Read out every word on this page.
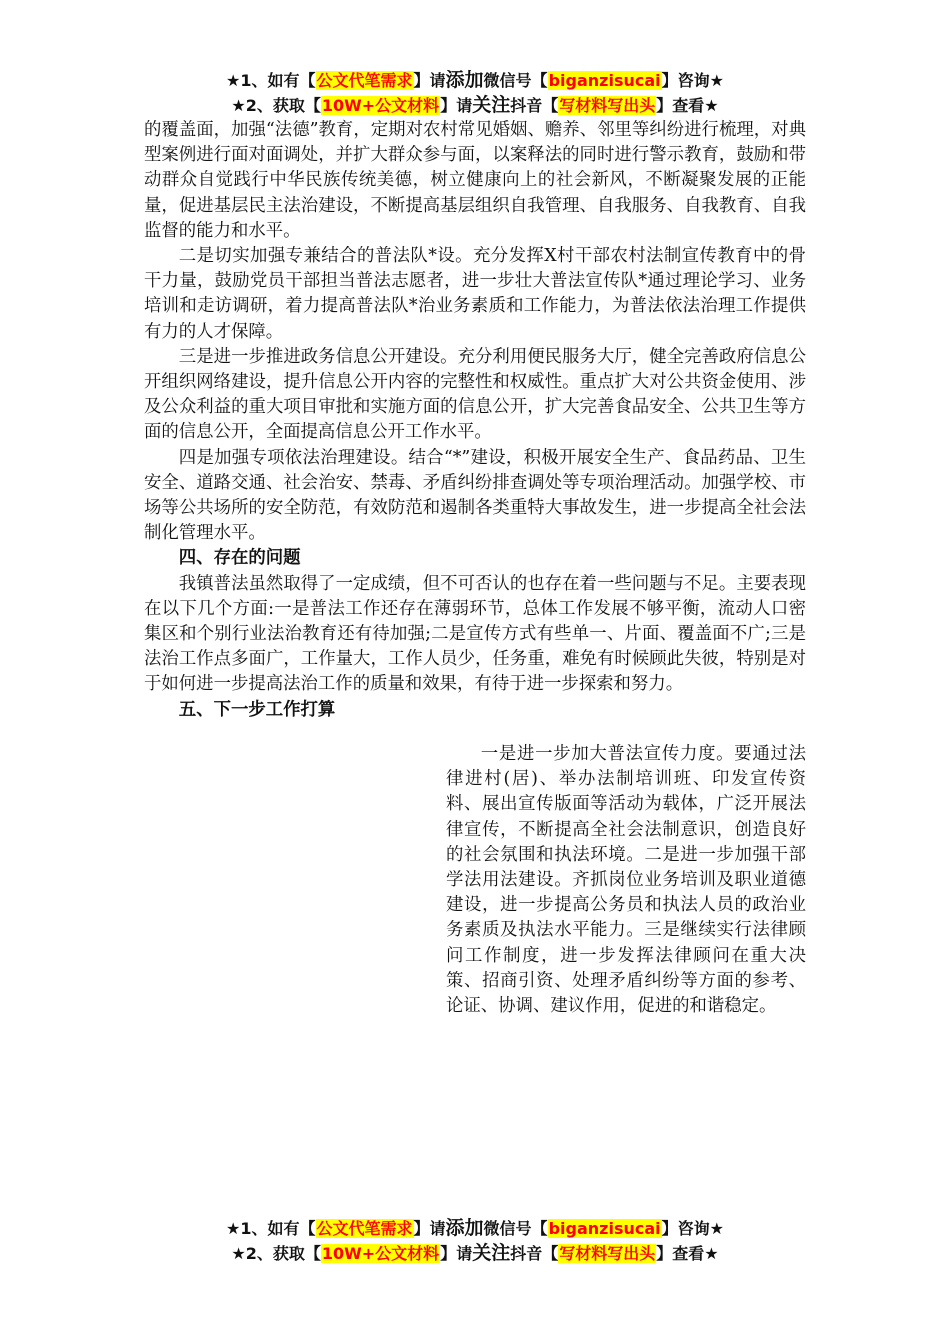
★1、如有【公文代笔需求】请添加微信号【biganzisucai】咨询★
★2、获取【10W+公文材料】请关注抖音【写材料写出头】查看★

的覆盖面，加强“法德”教育，定期对农村常见婚姻、赡养、邻里等纠纷进行梳理，对典型案例进行面对面调处，并扩大群众参与面，以案释法的同时进行警示教育，鼓励和带动群众自觉践行中华民族传统美德，树立健康向上的社会新风，不断凝聚发展的正能量，促进基层民主法治建设，不断提高基层组织自我管理、自我服务、自我教育、自我监督的能力和水平。

二是切实加强专兼结合的普法队*设。充分发挥X村干部农村法制宣传教育中的骨干力量，鼓励党员干部担当普法志愿者，进一步壮大普法宣传队*通过理论学习、业务培训和走访调研，着力提高普法队*治业务素质和工作能力，为普法依法治理工作提供有力的人才保障。

三是进一步推进政务信息公开建设。充分利用便民服务大厅，健全完善政府信息公开组织网络建设，提升信息公开内容的完整性和权威性。重点扩大对公共资金使用、涉及公众利益的重大项目审批和实施方面的信息公开，扩大完善食品安全、公共卫生等方面的信息公开，全面提高信息公开工作水平。

四是加强专项依法治理建设。结合“*”建设，积极开展安全生产、食品药品、卫生安全、道路交通、社会治安、禁毒、矛盾纠纷排查调处等专项治理活动。加强学校、市场等公共场所的安全防范，有效防范和遏制各类重特大事故发生，进一步提高全社会法制化管理水平。

四、存在的问题

我镇普法虽然取得了一定成绩，但不可否认的也存在着一些问题与不足。主要表现在以下几个方面:一是普法工作还存在薄弱环节，总体工作发展不够平衡，流动人口密集区和个别行业法治教育还有待加强;二是宣传方式有些单一、片面、覆盖面不广;三是法治工作点多面广，工作量大，工作人员少，任务重，难免有时候顾此失彼，特别是对于如何进一步提高法治工作的质量和效果，有待于进一步探索和努力。

五、下一步工作打算

一是进一步加大普法宣传力度。要通过法律进村(居)、举办法制培训班、印发宣传资料、展出宣传版面等活动为载体，广泛开展法律宣传，不断提高全社会法制意识，创造良好的社会氛围和执法环境。二是进一步加强干部学法用法建设。齐抓岗位业务培训及职业道德建设，进一步提高公务员和执法人员的政治业务素质及执法水平能力。三是继续实行法律顾问工作制度，进一步发挥法律顾问在重大决策、招商引资、处理矛盾纠纷等方面的参考、论证、协调、建议作用，促进的和谐稳定。

★1、如有【公文代笔需求】请添加微信号【biganzisucai】咨询★
★2、获取【10W+公文材料】请关注抖音【写材料写出头】查看★
